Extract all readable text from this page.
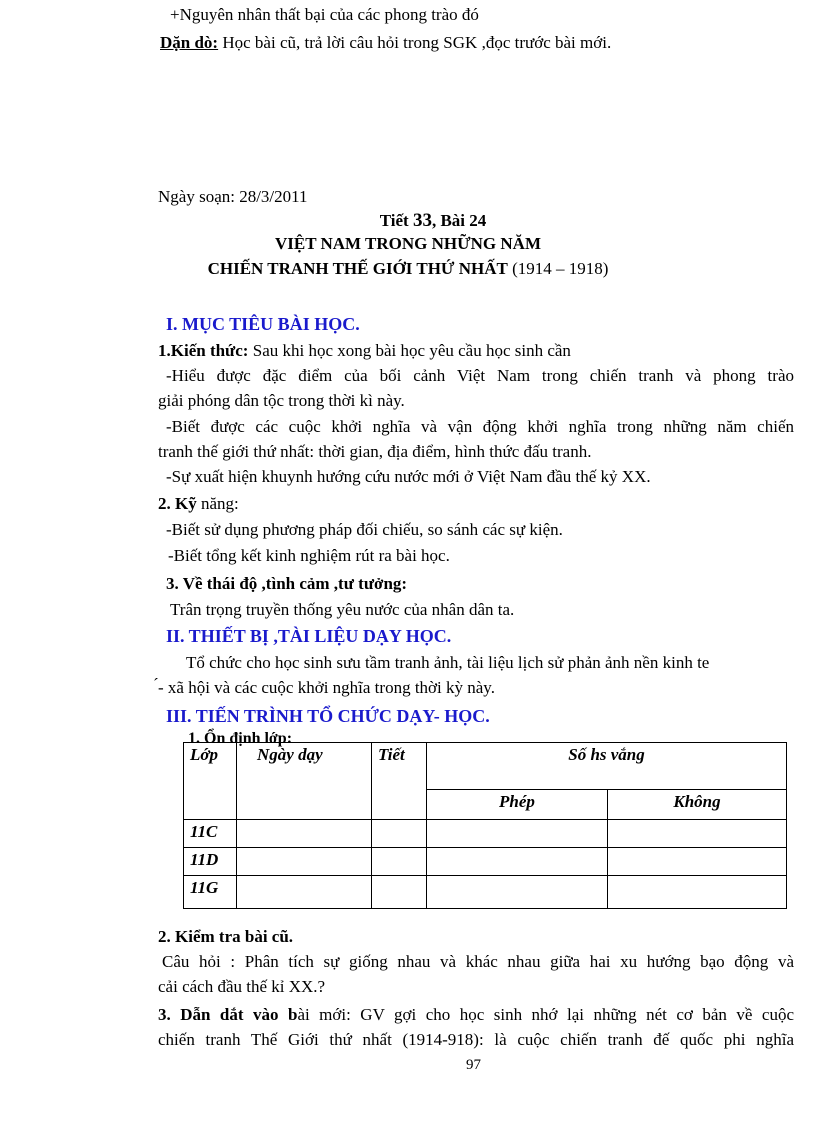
+Nguyên nhân thất bại của các phong trào đó
Dặn dò: Học bài cũ, trả lời câu hỏi trong SGK ,đọc trước bài mới.
Ngày soạn: 28/3/2011
Tiết 33, Bài 24
VIỆT NAM TRONG NHỮNG NĂM
CHIẾN TRANH THẾ GIỚI THỨ NHẤT (1914 – 1918)
I. MỤC TIÊU BÀI HỌC.
1.Kiến thức: Sau khi học xong bài học yêu cầu học sinh cần
-Hiểu được đặc điểm của bối cảnh Việt Nam trong chiến tranh và phong trào
giải phóng dân tộc trong thời kì này.
-Biết được các cuộc khởi nghĩa và vận động khởi nghĩa trong những năm chiến
tranh thế giới thứ nhất: thời gian, địa điểm, hình thức đấu tranh.
-Sự xuất hiện khuynh hướng cứu nước mới ở Việt Nam đầu thế kỷ XX.
2. Kỹ năng:
-Biết sử dụng phương pháp đối chiếu, so sánh các sự kiện.
-Biết tổng kết kinh nghiệm rút ra bài học.
3. Về thái độ ,tình cảm ,tư tưởng:
Trân trọng truyền thống yêu nước của nhân dân ta.
II. THIẾT BỊ ,TÀI LIỆU DẠY HỌC.
Tổ chức cho học sinh sưu tầm tranh ảnh, tài liệu lịch sử phản ảnh nền kinh te
́- xã hội và các cuộc khởi nghĩa trong thời kỳ này.
III. TIẾN TRÌNH TỔ CHỨC DẠY- HỌC.
1. Ổn định lớp:
Lớp	Ngày dạy	Tiết	Số hs vắng	
			Phép	Không
11C				
11D				
11G				
2. Kiểm tra bài cũ.
Câu hỏi : Phân tích sự giống nhau và khác nhau giữa hai xu hướng bạo động và
cải cách đầu thế kỉ XX.?
3. Dẫn dắt vào bài mới: GV gợi cho học sinh nhớ lại những nét cơ bản về cuộc
chiến tranh Thế Giới thứ nhất (1914-918): là cuộc chiến tranh đế quốc phi nghĩa
97
